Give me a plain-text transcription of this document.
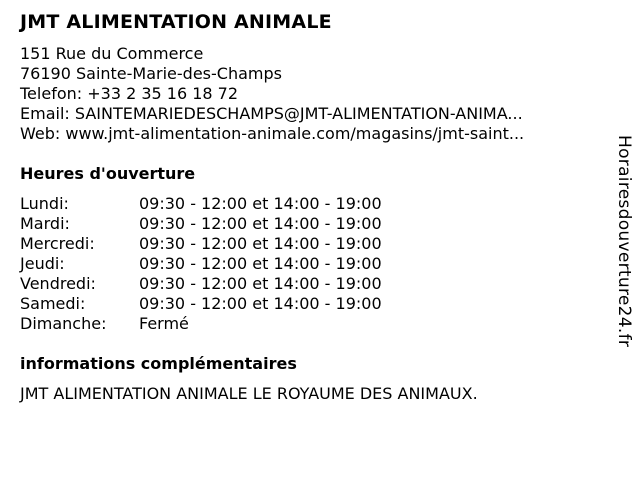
JMT ALIMENTATION ANIMALE
151 Rue du Commerce
76190 Sainte-Marie-des-Champs
Telefon: +33 2 35 16 18 72
Email: SAINTEMARIEDESCHAMPS@JMT-ALIMENTATION-ANIMA...
Web: www.jmt-alimentation-animale.com/magasins/jmt-saint...
Heures d'ouverture
Lundi:	09:30 - 12:00 et 14:00 - 19:00
Mardi:	09:30 - 12:00 et 14:00 - 19:00
Mercredi:	09:30 - 12:00 et 14:00 - 19:00
Jeudi:	09:30 - 12:00 et 14:00 - 19:00
Vendredi:	09:30 - 12:00 et 14:00 - 19:00
Samedi:	09:30 - 12:00 et 14:00 - 19:00
Dimanche:	Fermé
informations complémentaires
JMT ALIMENTATION ANIMALE LE ROYAUME DES ANIMAUX.
Horairesdouverture24.fr
